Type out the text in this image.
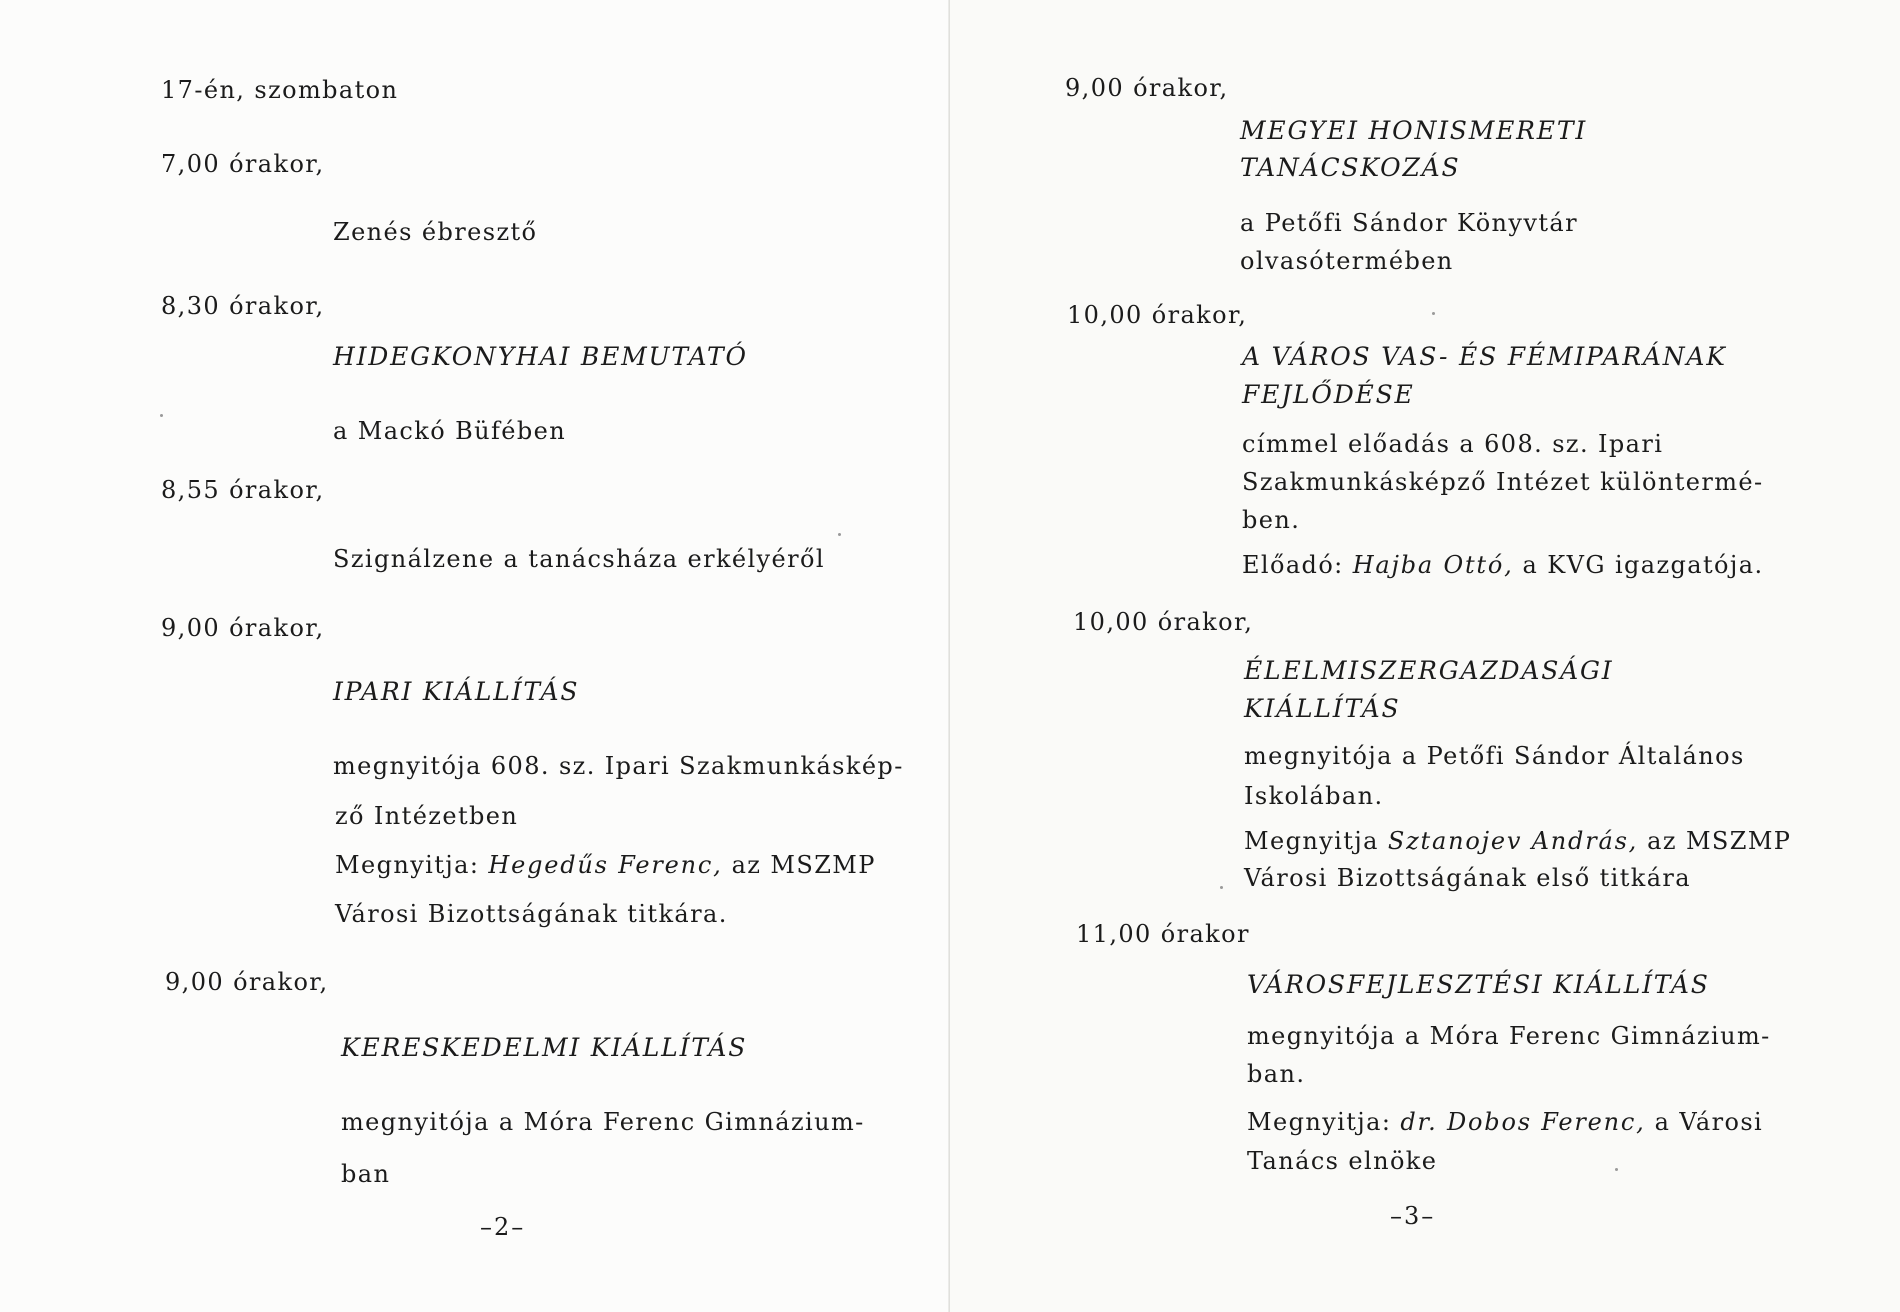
17-én, szombaton

7,00 órakor,

Zenés ébresztő

8,30 órakor,

HIDEGKONYHAI BEMUTATÓ

a Mackó Büfében

8,55 órakor,

Szignálzene a tanácsháza erkélyéről

9,00 órakor,

IPARI KIÁLLÍTÁS

megnyitója 608. sz. Ipari Szakmunkáskép-

ző Intézetben

Megnyitja: Hegedűs Ferenc, az MSZMP

Városi Bizottságának titkára.

9,00 órakor,

KERESKEDELMI KIÁLLÍTÁS

megnyitója a Móra Ferenc Gimnázium-

ban

–2–

9,00 órakor,

MEGYEI HONISMERETI

TANÁCSKOZÁS

a Petőfi Sándor Könyvtár

olvasótermében

10,00 órakor,

A VÁROS VAS- ÉS FÉMIPARÁNAK

FEJLŐDÉSE

címmel előadás a 608. sz. Ipari

Szakmunkásképző Intézet különtermé-

ben.

Előadó: Hajba Ottó, a KVG igazgatója.

10,00 órakor,

ÉLELMISZERGAZDASÁGI

KIÁLLÍTÁS

megnyitója a Petőfi Sándor Általános

Iskolában.

Megnyitja Sztanojev András, az MSZMP

Városi Bizottságának első titkára

11,00 órakor

VÁROSFEJLESZTÉSI KIÁLLÍTÁS

megnyitója a Móra Ferenc Gimnázium-

ban.

Megnyitja: dr. Dobos Ferenc, a Városi

Tanács elnöke

–3–
